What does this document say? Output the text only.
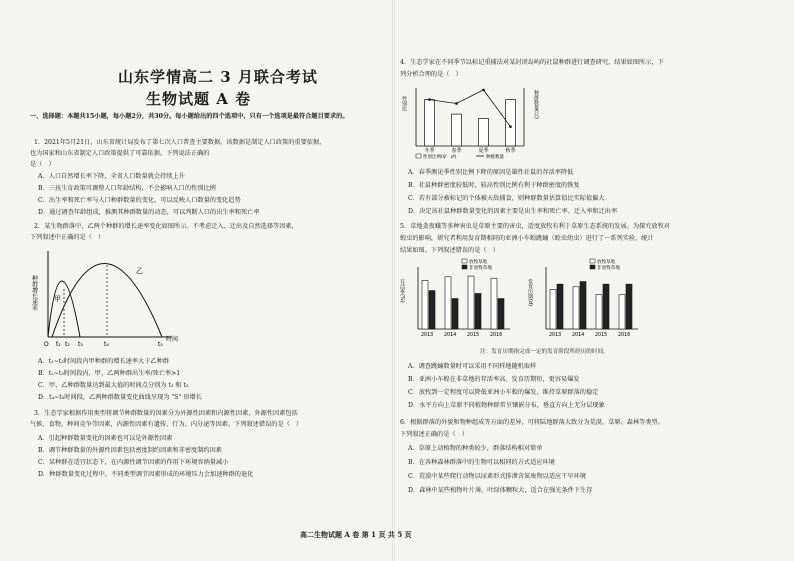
山东学情高二 3 月联合考试
生物试题 A 卷
一、选择题：本题共15小题，每小题2分，共30分。每小题给出的四个选项中，只有一个选项是最符合题目要求的。
1．2021年5月21日，山东省统计局发布了第七次人口普查主要数据，该数据是制定人口政策的重要依据，
也为国家和山东省制定人口政策提供了可靠依据。下列说法正确的
是（　）
A．人口自然增长率下降，全省人口数量就会持续上升
B．三孩生育政策可调整人口年龄结构，不会影响人口的性别比例
C．出生率和死亡率与人口种群数量的变化，可以反映人口数量的变化趋势
D．通过调查年龄组成，推测其种群数量的动态，可以判断人口的出生率和死亡率
2．某生物群落中，乙两个种群的增长速率变化如图所示。不考虑迁入、迁出及自然选择等因素，
下列叙述中正确的是（　）
种群增长速率 甲
乙
O t₁ t₂ t₃	t₄	t₅
时间
A．t₁~t₃时间段内甲种群的增长速率大于乙种群
B．t₂~t₃时间段内，甲、乙两种群出生率/死亡率>1
C．甲、乙种群数量达到最大值的时间点分别为 t₃ 和 t₅
D．t₄~t₅时间段，乙两种群数量变化曲线呈现为 "S" 形增长
3．生态学家根据作用类型将调节种群数量的因素分为外源性因素和内源性因素，外源性因素包括
气候、食物、种间竞争等因素，内源性因素有遗传、行为、内分泌等因素。下列叙述错误的是（　）
A．引起种群数量变化的因素也可以是外源性因素
B．调节种群数量的外源性因素包括密度制约因素和非密度制约因素
C．某种群在适宜状态下，在内源性调节因素的作用下环境容纳量减小
D．种群数量变化过程中，不同类型调节因素形成的环境压力会加速种群的退化
4．生态学家在不同季节以标记重捕法对某封闭岛屿的社鼠种群进行调查研究，结果如图所示，下
列分析合理的是（　）
性别比	种群数量(只)
冬季	春季	夏季	秋季
性别比例(♀：♂)	种群数量
A．春季测见季性别比例下降的原因是雄性社鼠的存活率降低
B．社鼠种群密度较低时，较高性别比例有利于种群密度的恢复
C．若有部分被标记的个体被天敌捕食，则种群数量估算值比实际值偏大
D．决定该社鼠种群数量变化的因素主要是出生率和死亡率、迁入率和迁出率
5．草地贪夜蛾等多种害虫是草原主要的害虫，适度放牧有利于草原生态系统的发展。为探究放牧对
蝗虫的影响，研究者利用发育期相同的亚洲小车蝗跳蝻（蝗虫幼虫）进行了一系列实验，统计
结果如图。下列叙述错误的是（　）
存活率(%)
2013 2014 2015 2016
放牧草地
非放牧草地
发育历期(d)
2013 2014 2015 2016
放牧草地
非放牧草地
注：发育历期指完成一定的发育阶段所经历的时间。
A．调查跳蝻数量时可以采用不同样地随机取样
B．亚洲小车蝗在非草地的存活率高、发育历期短，更容易爆发
C．放牧到一定程度可以降低亚洲小车蝗的爆发，维持草原群落的稳定
D．水平方向上草原不同植物种群常呈镶嵌分布，垂直方向上无分层现象
6．根据群落的外貌和物种组成等方面的差异，可将陆地群落大致分为荒漠、草原、森林等类型。
下列叙述正确的是（　）
A．草原上动植物的种类较少，群落结构相对简单
B．在各种森林群落中的生物可以相同的方式适应环境
C．荒漠中某些爬行动物以尿素形式排泄含氮废物以适应干旱环境
D．森林中某些植物叶片薄，叶绿体颗粒大，适合在强光条件下生存
高二生物试题 A 卷 第 1 页 共 5 页
